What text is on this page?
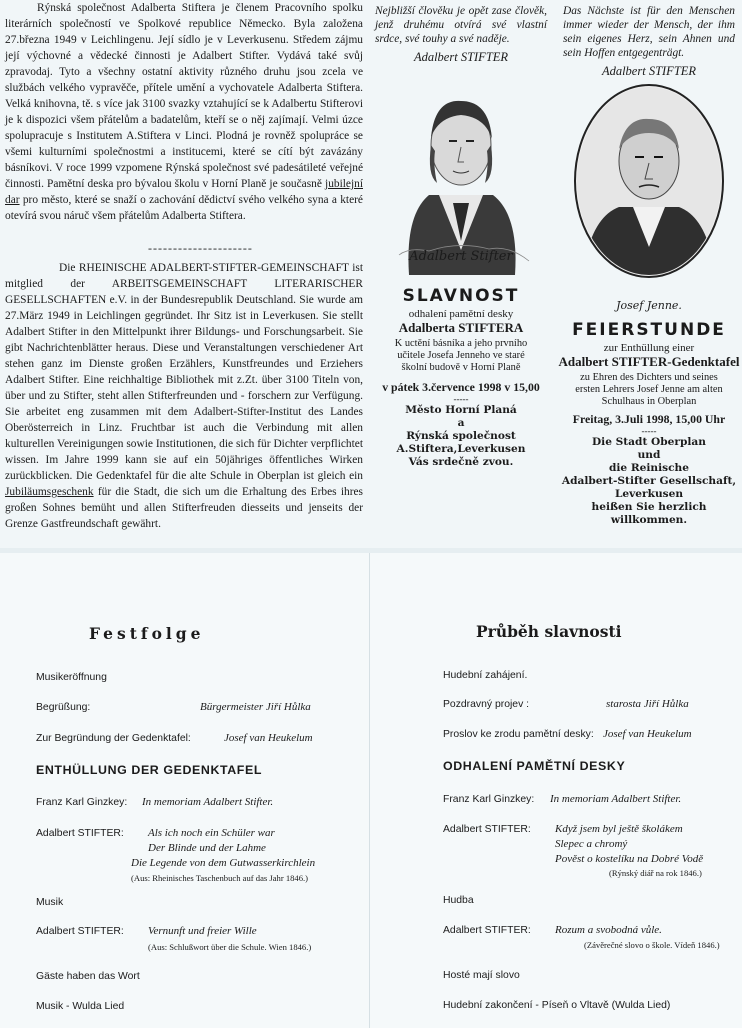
Rýnská společnost Adalberta Stiftera je členem Pracovního spolku literárních společností ve Spolkové republice Německo. Byla založena 27.března 1949 v Leichlingenu. Její sídlo je v Leverkusenu. Středem zájmu její výchovné a vědecké činnosti je Adalbert Stifter. Vydává také svůj zpravodaj. Tyto a všechny ostatní aktivity různého druhu jsou zcela ve službách velkého vypravěče, přítele umění a vychovatele Adalberta Stiftera. Velká knihovna, tě. s více jak 3100 svazky vztahující se k Adalbertu Stifterovi je k dispozici všem přátelům a badatelům, kteří se o něj zajímají. Velmi úzce spolupracuje s Institutem A.Stiftera v Linci. Plodná je rovněž spolupráce se všemi kulturními společnostmi a institucemi, které se cítí být zavázány básníkovi. V roce 1999 vzpomene Rýnská společnost své padesátileté veřejné činnosti. Pamětní deska pro bývalou školu v Horní Planě je současně jubilejní dar pro město, které se snaží o zachování dědictví svého velkého syna a které otevírá svou náruč všem přátelům Adalberta Stiftera.

---------------------

Die RHEINISCHE ADALBERT-STIFTER-GEMEINSCHAFT ist mitglied der ARBEITSGEMEINSCHAFT LITERARISCHER GESELLSCHAFTEN e.V. in der Bundesrepublik Deutschland. Sie wurde am 27.März 1949 in Leichlingen gegründet. Ihr Sitz ist in Leverkusen. Sie stellt Adalbert Stifter in den Mittelpunkt ihrer Bildungs- und Forschungsarbeit. Sie gibt Nachrichtenblätter heraus. Diese und Veranstaltungen verschiedener Art stehen ganz im Dienste großen Erzählers, Kunstfreundes und Erziehers Adalbert Stifter. Eine reichhaltige Bibliothek mit z.Zt. über 3100 Titeln von, über und zu Stifter, steht allen Stifterfreunden und - forschern zur Verfügung. Sie arbeitet eng zusammen mit dem Adalbert-Stifter-Institut des Landes Oberösterreich in Linz. Fruchtbar ist auch die Verbindung mit allen kulturellen Vereinigungen sowie Institutionen, die sich für Dichter verpflichtet wissen. Im Jahre 1999 kann sie auf ein 50jähriges öffentliches Wirken zurückblicken. Die Gedenktafel für die alte Schule in Oberplan ist gleich ein Jubiläumsgeschenk für die Stadt, die sich um die Erhaltung des Erbes ihres großen Sohnes bemüht und allen Stifterfreuden diesseits und jenseits der Grenze Gastfreundschaft gewährt.

Nejbližší člověku je opět zase člověk, jenž druhému otvírá své vlastní srdce, své touhy a své naděje.
Adalbert STIFTER
Adalbert Stifter
SLAVNOST
odhalení pamětní desky
Adalberta STIFTERA
K uctění básníka a jeho prvního učitele Josefa Jenneho ve staré školní budově v Horní Planě
v pátek 3.července 1998 v 15,00
-----
Město Horní Planá
a
Rýnská společnost
A.Stiftera,Leverkusen
Vás srdečně zvou.
Das Nächste ist für den Menschen immer wieder der Mensch, der ihm sein eigenes Herz, sein Ahnen und sein Hoffen entgegenträgt.
Adalbert STIFTER
Josef Jenne.
FEIERSTUNDE
zur Enthüllung einer
Adalbert STIFTER-Gedenktafel
zu Ehren des Dichters und seines ersten Lehrers Josef Jenne am alten Schulhaus in Oberplan
Freitag, 3.Juli 1998, 15,00 Uhr
-----
Die Stadt Oberplan
und
die Reinische
Adalbert-Stifter Gesellschaft,
Leverkusen
heißen Sie herzlich
willkommen.
Festfolge
Musikeröffnung
Begrüßung:	Bürgermeister Jiří Hůlka
Zur Begründung der Gedenktafel:	Josef van Heukelum
ENTHÜLLUNG DER GEDENKTAFEL
Franz Karl Ginzkey: In memoriam Adalbert Stifter.
Adalbert STIFTER: Als ich noch ein Schüler war
Der Blinde und der Lahme
Die Legende von dem Gutwasserkirchlein
(Aus: Rheinisches Taschenbuch auf das Jahr 1846.)
Musik
Adalbert STIFTER: Vernunft und freier Wille
(Aus: Schlußwort über die Schule. Wien 1846.)
Gäste haben das Wort
Musik - Wulda Lied
Průběh slavnosti
Hudební zahájení.
Pozdravný projev :	starosta Jiří Hůlka
Proslov ke zrodu pamětní desky: Josef van Heukelum
ODHALENÍ PAMĚTNÍ DESKY
Franz Karl Ginzkey: In memoriam Adalbert Stifter.
Adalbert STIFTER: Když jsem byl ještě školákem
Slepec a chromý
Pověst o kostelíku na Dobré Vodě
(Rýnský diář na rok 1846.)
Hudba
Adalbert STIFTER: Rozum a svobodná vůle.
(Závěrečné slovo o škole. Vídeň 1846.)
Hosté mají slovo
Hudební zakončení - Píseň o Vltavě (Wulda Lied)
